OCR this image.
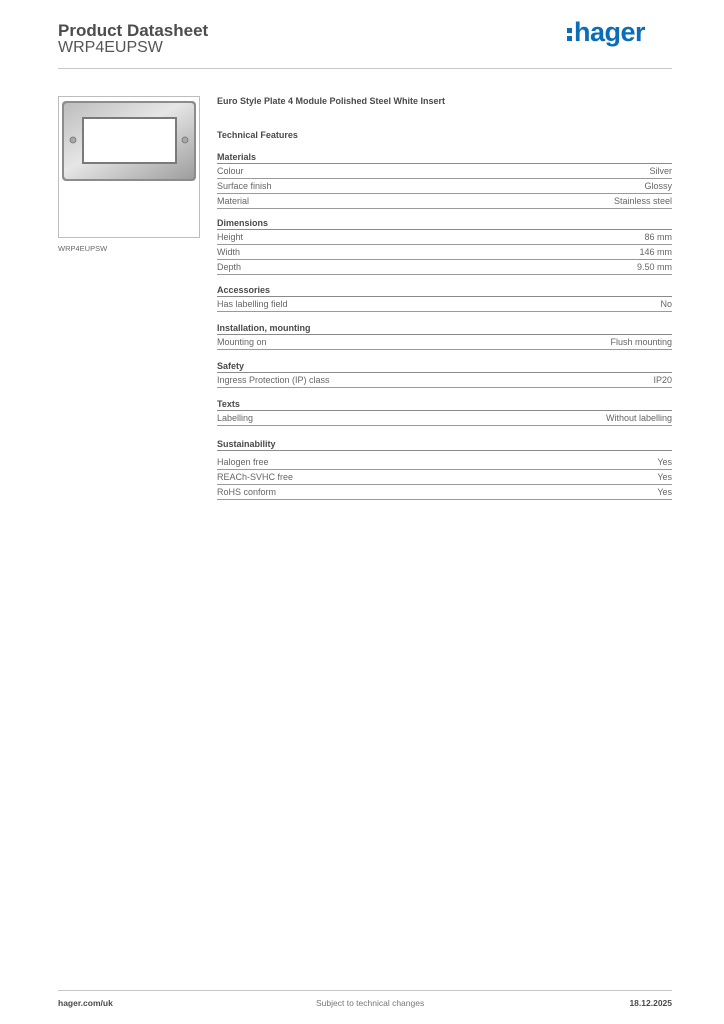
Product Datasheet
WRP4EUPSW
hager
WRP4EUPSW
Euro Style Plate 4 Module Polished Steel White Insert
Technical Features
Materials
Colour	Silver
Surface finish	Glossy
Material	Stainless steel
Dimensions
Height	86 mm
Width	146 mm
Depth	9.50 mm
Accessories
Has labelling field	No
Installation, mounting
Mounting on	Flush mounting
Safety
Ingress Protection (IP) class	IP20
Texts
Labelling	Without labelling
Sustainability
Halogen free	Yes
REACh-SVHC free	Yes
RoHS conform	Yes
hager.com/uk	Subject to technical changes	18.12.2025
